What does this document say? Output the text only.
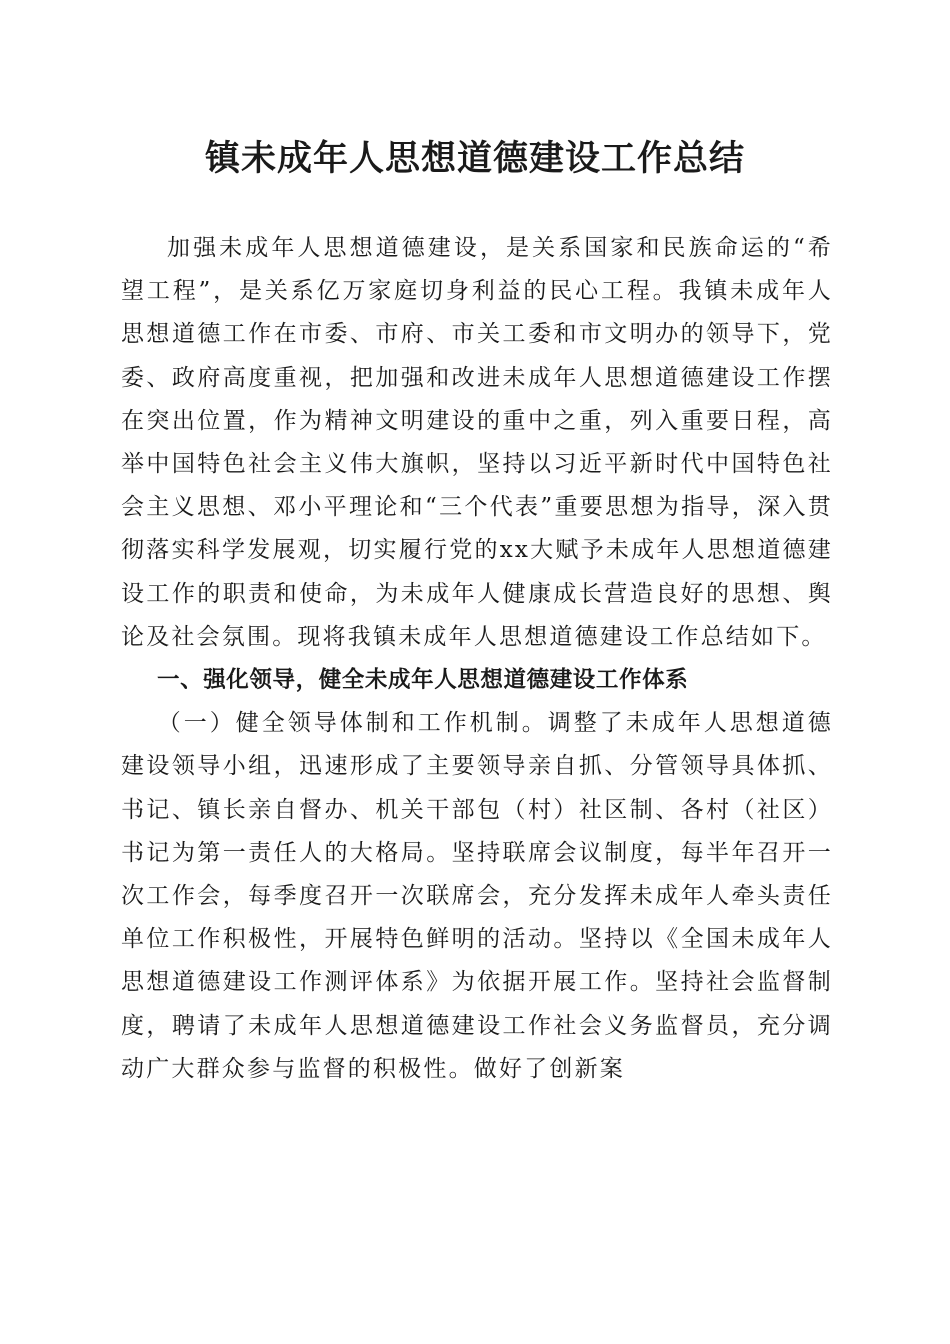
镇未成年人思想道德建设工作总结

加强未成年人思想道德建设，是关系国家和民族命运的“希望工程”，是关系亿万家庭切身利益的民心工程。我镇未成年人思想道德工作在市委、市府、市关工委和市文明办的领导下，党委、政府高度重视，把加强和改进未成年人思想道德建设工作摆在突出位置，作为精神文明建设的重中之重，列入重要日程，高举中国特色社会主义伟大旗帜，坚持以习近平新时代中国特色社会主义思想、邓小平理论和“三个代表”重要思想为指导，深入贯彻落实科学发展观，切实履行党的xx大赋予未成年人思想道德建设工作的职责和使命，为未成年人健康成长营造良好的思想、舆论及社会氛围。现将我镇未成年人思想道德建设工作总结如下。

一、强化领导，健全未成年人思想道德建设工作体系

（一）健全领导体制和工作机制。调整了未成年人思想道德建设领导小组，迅速形成了主要领导亲自抓、分管领导具体抓、书记、镇长亲自督办、机关干部包（村）社区制、各村（社区）书记为第一责任人的大格局。坚持联席会议制度，每半年召开一次工作会，每季度召开一次联席会，充分发挥未成年人牵头责任单位工作积极性，开展特色鲜明的活动。坚持以《全国未成年人思想道德建设工作测评体系》为依据开展工作。坚持社会监督制度，聘请了未成年人思想道德建设工作社会义务监督员，充分调动广大群众参与监督的积极性。做好了创新案
